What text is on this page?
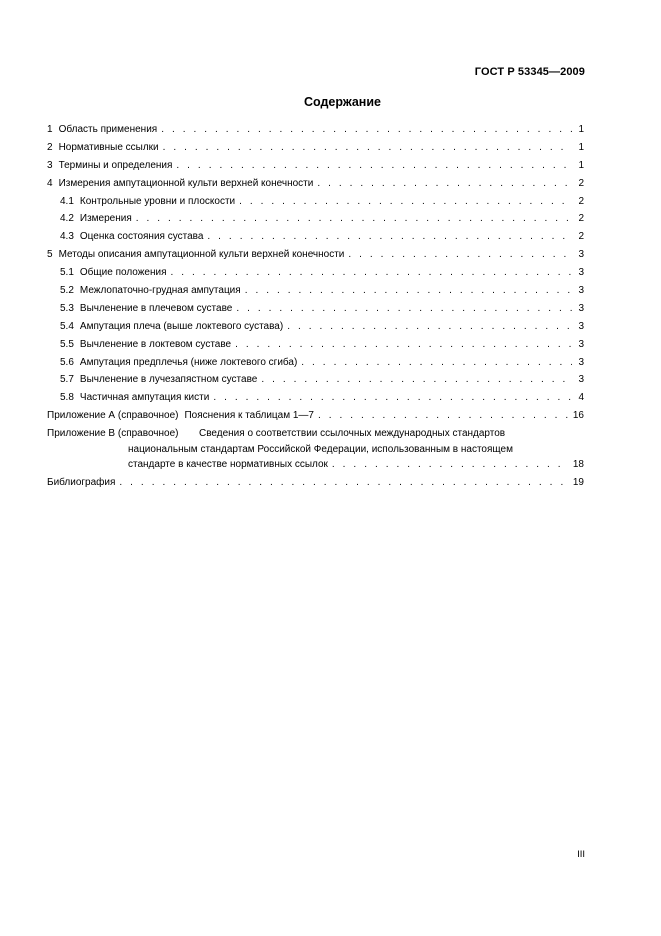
ГОСТ Р 53345—2009
Содержание
1 Область применения . . .	1
2 Нормативные ссылки . . .	1
3 Термины и определения . . .	1
4 Измерения ампутационной культи верхней конечности . . .	2
4.1 Контрольные уровни и плоскости . . .	2
4.2 Измерения . . .	2
4.3 Оценка состояния сустава . . .	2
5 Методы описания ампутационной культи верхней конечности . . .	3
5.1 Общие положения . . .	3
5.2 Межлопаточно-грудная ампутация . . .	3
5.3 Вычленение в плечевом суставе . . .	3
5.4 Ампутация плеча (выше локтевого сустава) . . .	3
5.5 Вычленение в локтевом суставе . . .	3
5.6 Ампутация предплечья (ниже локтевого сгиба) . . .	3
5.7 Вычленение в лучезапястном суставе . . .	3
5.8 Частичная ампутация кисти . . .	4
Приложение А (справочное) Пояснения к таблицам 1—7 . . .	16
Приложение В (справочное)	Сведения о соответствии ссылочных международных стандартов
национальным стандартам Российской Федерации, использованным в настоящем
стандарте в качестве нормативных ссылок . . .	18
Библиография . . .	19
III
